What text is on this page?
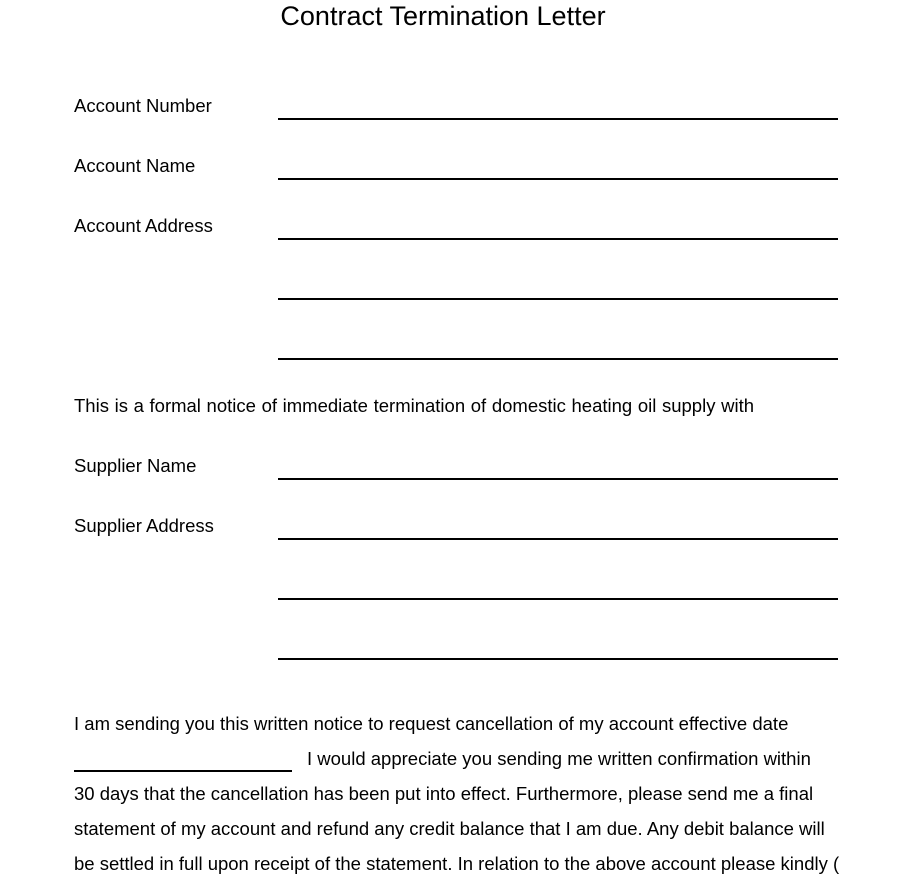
Contract Termination Letter
Account Number
Account Name
Account Address
This is a formal notice of immediate termination of domestic heating oil supply with
Supplier Name
Supplier Address
I am sending you this written notice to request cancellation of my account effective date
I would appreciate you sending me written confirmation within
30 days that the cancellation has been put into effect. Furthermore, please send me a final
statement of my account and refund any credit balance that I am due. Any debit balance will
be settled in full upon receipt of the statement. In relation to the above account please kindly (
